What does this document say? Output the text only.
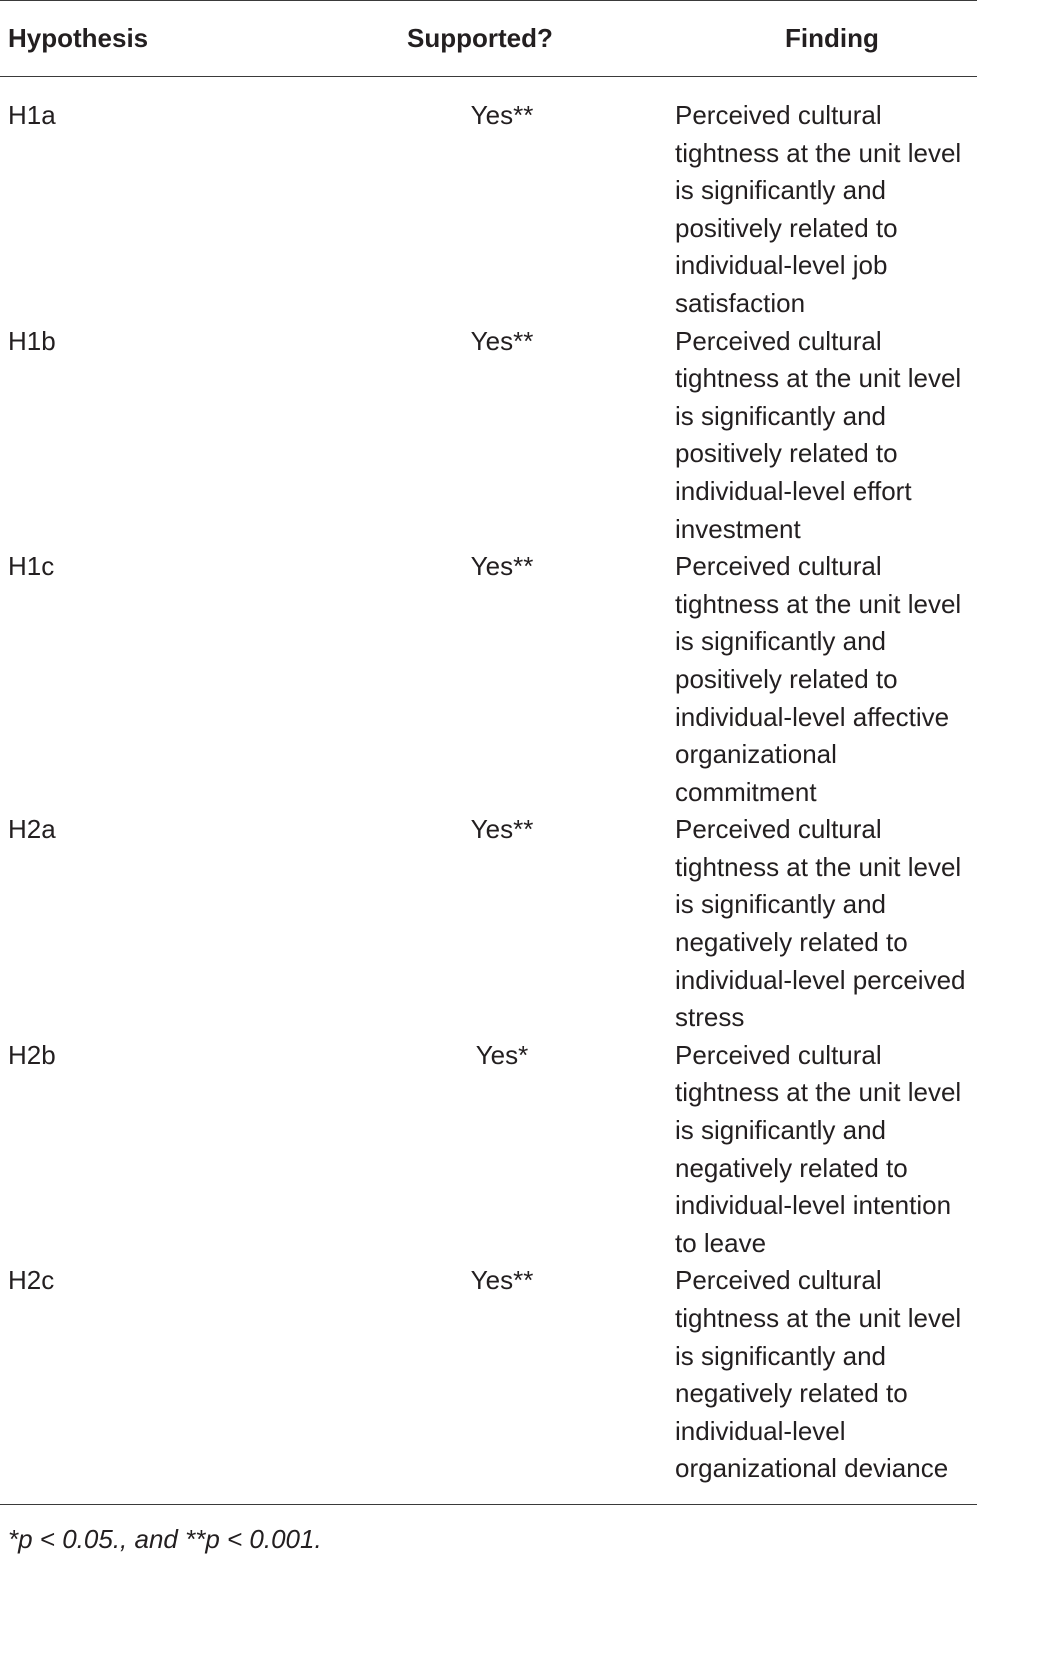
Hypothesis	Supported?	Finding
H1a	Yes**	Perceived cultural tightness at the unit level is significantly and positively related to individual-level job satisfaction
H1b	Yes**	Perceived cultural tightness at the unit level is significantly and positively related to individual-level effort investment
H1c	Yes**	Perceived cultural tightness at the unit level is significantly and positively related to individual-level affective organizational commitment
H2a	Yes**	Perceived cultural tightness at the unit level is significantly and negatively related to individual-level perceived stress
H2b	Yes*	Perceived cultural tightness at the unit level is significantly and negatively related to individual-level intention to leave
H2c	Yes**	Perceived cultural tightness at the unit level is significantly and negatively related to individual-level organizational deviance
*p < 0.05., and **p < 0.001.
